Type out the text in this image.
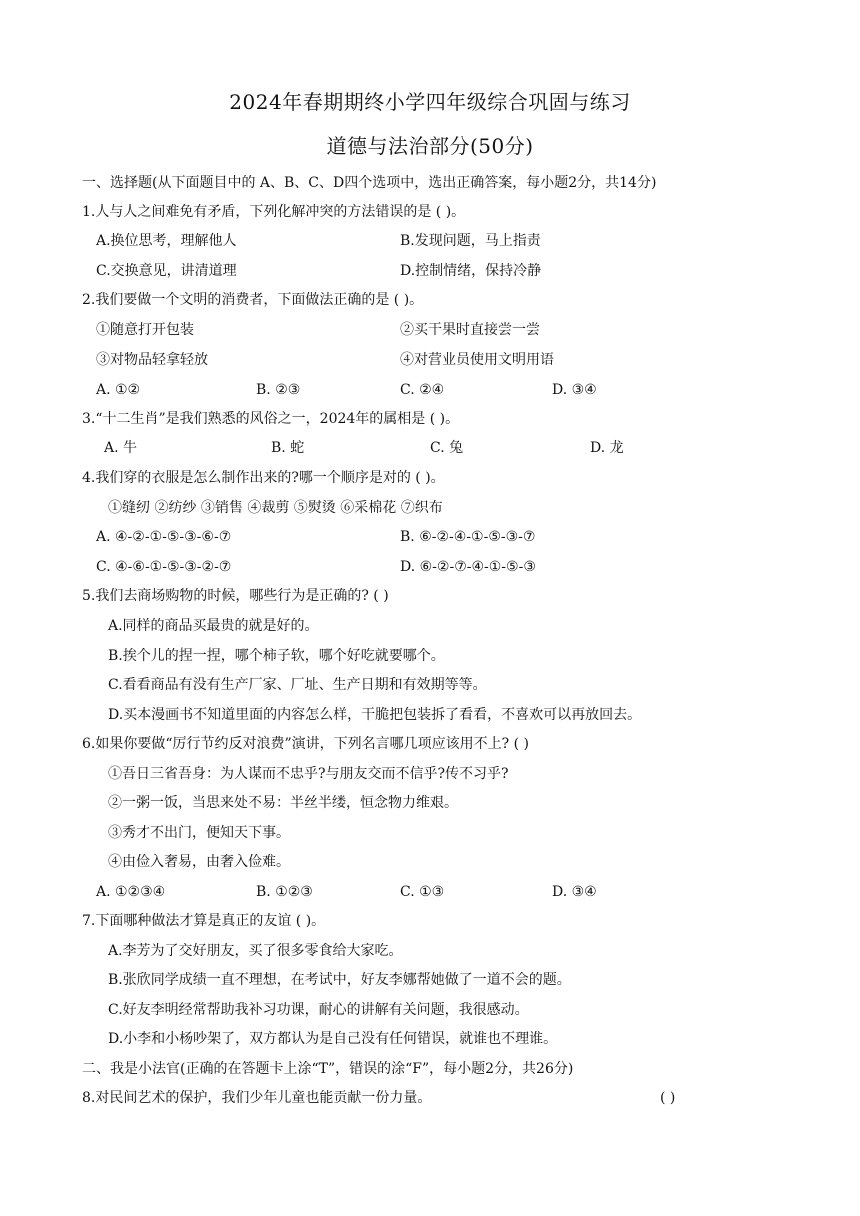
2024年春期期终小学四年级综合巩固与练习
道德与法治部分(50分)
一、选择题(从下面题目中的 A、B、C、D四个选项中，选出正确答案，每小题2分，共14分)
1.人与人之间难免有矛盾，下列化解冲突的方法错误的是 ( )。
A.换位思考，理解他人	B.发现问题，马上指责
C.交换意见，讲清道理	D.控制情绪，保持冷静
2.我们要做一个文明的消费者，下面做法正确的是 ( )。
①随意打开包装	②买干果时直接尝一尝
③对物品轻拿轻放	④对营业员使用文明用语
A. ①②	B. ②③	C. ②④	D. ③④
3.“十二生肖”是我们熟悉的风俗之一，2024年的属相是 ( )。
A. 牛	B. 蛇	C. 兔	D. 龙
4.我们穿的衣服是怎么制作出来的?哪一个顺序是对的 ( )。
①缝纫 ②纺纱 ③销售 ④裁剪 ⑤熨烫 ⑥采棉花 ⑦织布
A. ④-②-①-⑤-③-⑥-⑦	B. ⑥-②-④-①-⑤-③-⑦
C. ④-⑥-①-⑤-③-②-⑦	D. ⑥-②-⑦-④-①-⑤-③
5.我们去商场购物的时候，哪些行为是正确的? ( )
A.同样的商品买最贵的就是好的。
B.挨个儿的捏一捏，哪个柿子软，哪个好吃就要哪个。
C.看看商品有没有生产厂家、厂址、生产日期和有效期等等。
D.买本漫画书不知道里面的内容怎么样，干脆把包装拆了看看，不喜欢可以再放回去。
6.如果你要做“厉行节约反对浪费”演讲，下列名言哪几项应该用不上? ( )
①吾日三省吾身：为人谋而不忠乎?与朋友交而不信乎?传不习乎?
②一粥一饭，当思来处不易：半丝半缕，恒念物力维艰。
③秀才不出门，便知天下事。
④由俭入奢易，由奢入俭难。
A. ①②③④	B. ①②③	C. ①③	D. ③④
7.下面哪种做法才算是真正的友谊 ( )。
A.李芳为了交好朋友，买了很多零食给大家吃。
B.张欣同学成绩一直不理想，在考试中，好友李娜帮她做了一道不会的题。
C.好友李明经常帮助我补习功课，耐心的讲解有关问题，我很感动。
D.小李和小杨吵架了，双方都认为是自己没有任何错误，就谁也不理谁。
二、我是小法官(正确的在答题卡上涂“T”，错误的涂“F”，每小题2分，共26分)
8.对民间艺术的保护，我们少年儿童也能贡献一份力量。	( )
